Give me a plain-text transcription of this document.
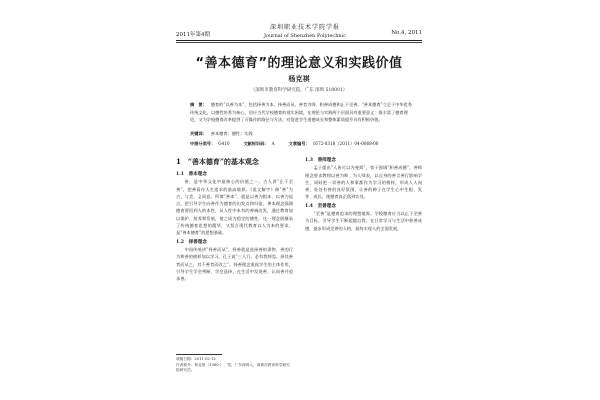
2011年第4期
深圳职业技术学院学报
Journal of Shenzhen Polytechnic	No.4, 2011
“善本德育”的理论意义和实践价值
杨克祺
（深圳市教育科学研究院，广东 深圳 518001）
摘　要： 德育的“以善为本”，包括择善为本、择善而从、善者为师、积善成德和止于至善。“善本德育”立足于中华优秀传统文化，以德性培养为核心，回应当代学校德育的现实困境，在理论与实践两个层面具有重要意义：既丰富了德育理论，又为学校德育改革提供了可操作的路径与方法，对促进学生道德成长和整体素质提升具有积极价值。
关键词： 善本德育；德性；实践
中图分类号： G410	文献标识码： A	文章编号： 1672-0318（2011）04-0068-06
1　“善本德育”的基本观念
1.1　善本理念
善，是中华文化中最核心的价值之一。古人讲“止于至善”，把善看作人生追求的最高境界。《说文解字》释“善”为吉，与美、义同意。所谓“善本”，就是以善为根本、以善为起点，把引导学生向善作为德育的出发点和归宿。善本理念强调德育要回到人的本性，从人性中本有的善端出发，通过教育加以保护、培养和发展，使之成为稳定的德性。这一理念既继承了传统德育思想的精华，又契合现代教育以人为本的要求，是“善本德育”的思想基础。
1.2　择善理念
中国传统讲“择善而从”，择善就是选择善的事物、善的行为和善的榜样加以学习。孔子说“三人行，必有我师焉。择其善者而从之，其不善者而改之”。择善理念重视学生的主体作用，引导学生学会判断、学会选择，在生活中发现善、认同善并追求善。
1.3　善师理念
孟子提出“人皆可以为尧舜”，荀子强调“积善成德”。善师理念要求教师以善为师、为人师表，以自身的善言善行影响学生，同时把一切善的人和事都作为学习的榜样，形成人人向善、处处有善的良好氛围，让善的种子在学生心中生根、发芽、成长，使德育真正落到实处。
1.4　至善理念
“至善”是德育追求的理想境界。学校德育应当以止于至善为目标，引导学生不断超越自我，在日常学习与生活中积善成德，逐步形成完善的人格，最终实现人的全面发展。
收稿日期：2011-02-12
作者简介：杨克祺（1960-），男，广东深圳人，深圳市教育科学研究院研究员。
